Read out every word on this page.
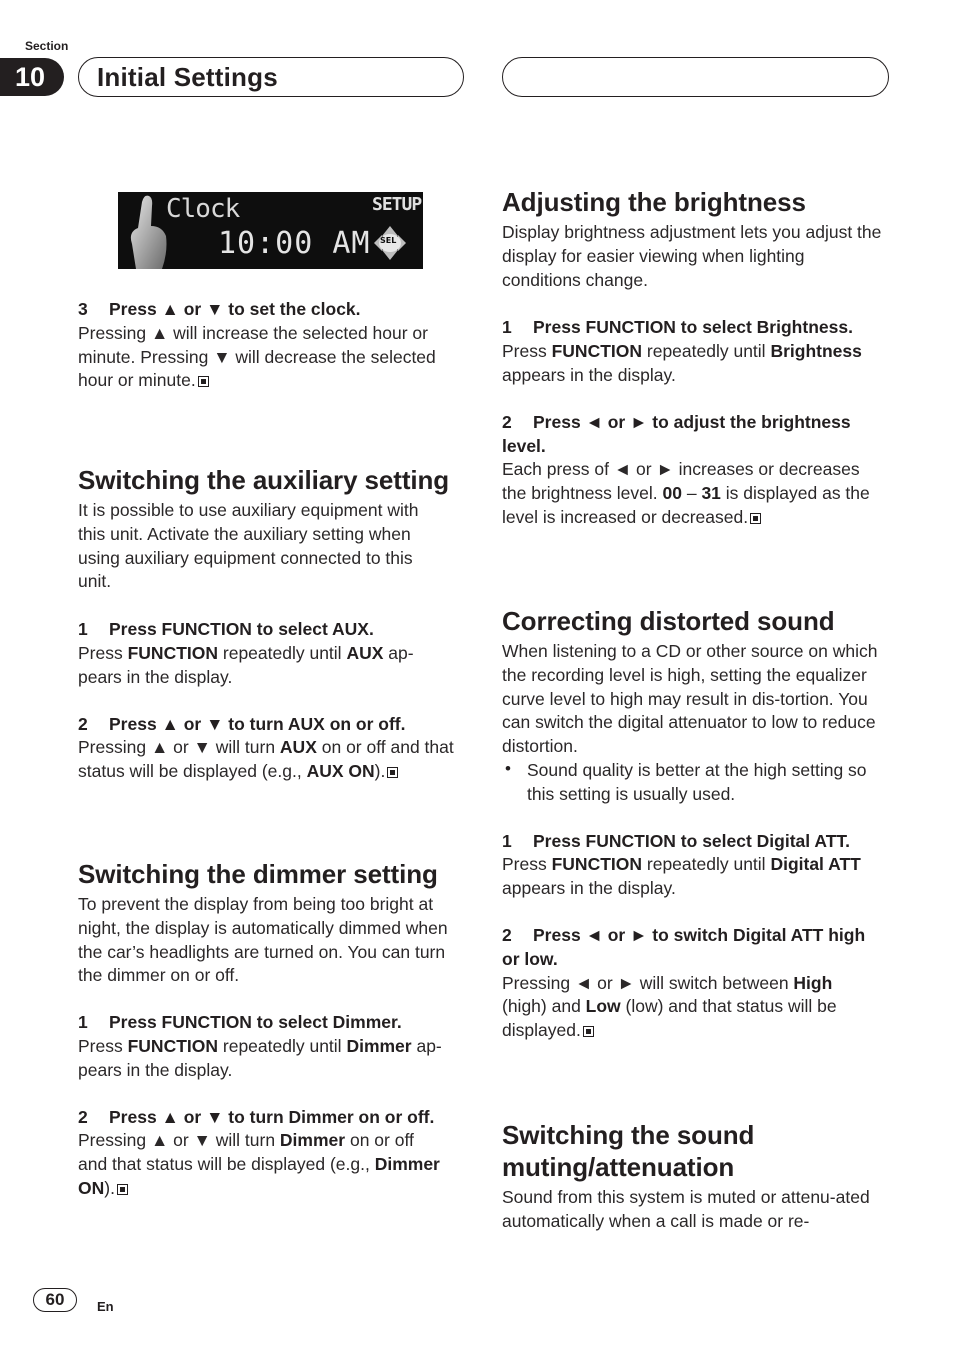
Section
10	Initial Settings
Clock	SETUP
10:00 AM SEL
3 Press ▲ or ▼ to set the clock.

Pressing ▲ will increase the selected hour or minute. Pressing ▼ will decrease the selected hour or minute.

Switching the auxiliary setting

It is possible to use auxiliary equipment with this unit. Activate the auxiliary setting when using auxiliary equipment connected to this unit.

1 Press FUNCTION to select AUX.

Press FUNCTION repeatedly until AUX ap-pears in the display.

2 Press ▲ or ▼ to turn AUX on or off.

Pressing ▲ or ▼ will turn AUX on or off and that status will be displayed (e.g., AUX ON).

Switching the dimmer setting

To prevent the display from being too bright at night, the display is automatically dimmed when the car’s headlights are turned on. You can turn the dimmer on or off.

1 Press FUNCTION to select Dimmer.

Press FUNCTION repeatedly until Dimmer ap-pears in the display.

2 Press ▲ or ▼ to turn Dimmer on or off.

Pressing ▲ or ▼ will turn Dimmer on or off and that status will be displayed (e.g., Dimmer ON).

Adjusting the brightness

Display brightness adjustment lets you adjust the display for easier viewing when lighting conditions change.

1 Press FUNCTION to select Brightness.

Press FUNCTION repeatedly until Brightness appears in the display.

2 Press ◄ or ► to adjust the brightness level.

Each press of ◄ or ► increases or decreases the brightness level. 00 – 31 is displayed as the level is increased or decreased.

Correcting distorted sound

When listening to a CD or other source on which the recording level is high, setting the equalizer curve level to high may result in dis-tortion. You can switch the digital attenuator to low to reduce distortion.

• Sound quality is better at the high setting so this setting is usually used.

1 Press FUNCTION to select Digital ATT.

Press FUNCTION repeatedly until Digital ATT appears in the display.

2 Press ◄ or ► to switch Digital ATT high or low.

Pressing ◄ or ► will switch between High (high) and Low (low) and that status will be displayed.

Switching the sound muting/attenuation

Sound from this system is muted or attenu-ated automatically when a call is made or re-

60	En
